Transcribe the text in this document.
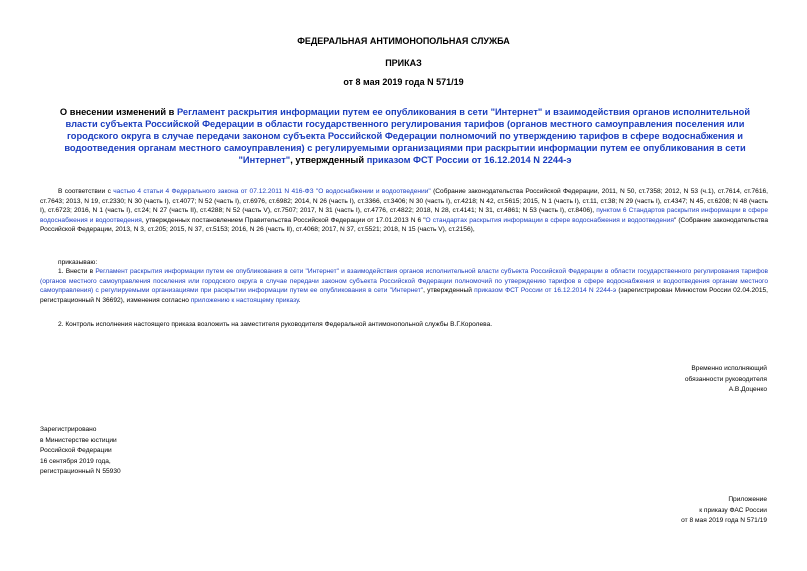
ФЕДЕРАЛЬНАЯ АНТИМОНОПОЛЬНАЯ СЛУЖБА
ПРИКАЗ
от 8 мая 2019 года N 571/19
О внесении изменений в Регламент раскрытия информации путем ее опубликования в сети "Интернет" и взаимодействия органов исполнительной власти субъекта Российской Федерации в области государственного регулирования тарифов (органов местного самоуправления поселения или городского округа в случае передачи законом субъекта Российской Федерации полномочий по утверждению тарифов в сфере водоснабжения и водоотведения органам местного самоуправления) с регулируемыми организациями при раскрытии информации путем ее опубликования в сети "Интернет", утвержденный приказом ФСТ России от 16.12.2014 N 2244-э
В соответствии с частью 4 статьи 4 Федерального закона от 07.12.2011 N 416-ФЗ "О водоснабжении и водоотведении" (Собрание законодательства Российской Федерации, 2011, N 50, ст.7358; 2012, N 53 (ч.1), ст.7614, ст.7616, ст.7643; 2013, N 19, ст.2330; N 30 (часть I), ст.4077; N 52 (часть I), ст.6976, ст.6982; 2014, N 26 (часть I), ст.3366, ст.3406; N 30 (часть I), ст.4218; N 42, ст.5615; 2015, N 1 (часть I), ст.11, ст.38; N 29 (часть I), ст.4347; N 45, ст.6208; N 48 (часть I), ст.6723; 2016, N 1 (часть I), ст.24; N 27 (часть II), ст.4288; N 52 (часть V), ст.7507; 2017, N 31 (часть I), ст.4776, ст.4822; 2018, N 28, ст.4141; N 31, ст.4861; N 53 (часть I), ст.8406), пунктом 6 Стандартов раскрытия информации в сфере водоснабжения и водоотведения, утвержденных постановлением Правительства Российской Федерации от 17.01.2013 N 6 "О стандартах раскрытия информации в сфере водоснабжения и водоотведения" (Собрание законодательства Российской Федерации, 2013, N 3, ст.205; 2015, N 37, ст.5153; 2016, N 26 (часть II), ст.4068; 2017, N 37, ст.5521; 2018, N 15 (часть V), ст.2156),
приказываю:
1. Внести в Регламент раскрытия информации путем ее опубликования в сети "Интернет" и взаимодействия органов исполнительной власти субъекта Российской Федерации в области государственного регулирования тарифов (органов местного самоуправления поселения или городского округа в случае передачи законом субъекта Российской Федерации полномочий по утверждению тарифов в сфере водоснабжения и водоотведения органам местного самоуправления) с регулируемыми организациями при раскрытии информации путем ее опубликования в сети "Интернет", утвержденный приказом ФСТ России от 16.12.2014 N 2244-э (зарегистрирован Минюстом России 02.04.2015, регистрационный N 36692), изменения согласно приложению к настоящему приказу.
2. Контроль исполнения настоящего приказа возложить на заместителя руководителя Федеральной антимонопольной службы В.Г.Королева.
Временно исполняющий
обязанности руководителя
А.В.Доценко
Зарегистрировано
в Министерстве юстиции
Российской Федерации
16 сентября 2019 года,
регистрационный N 55930
Приложение
к приказу ФАС России
от 8 мая 2019 года N 571/19
